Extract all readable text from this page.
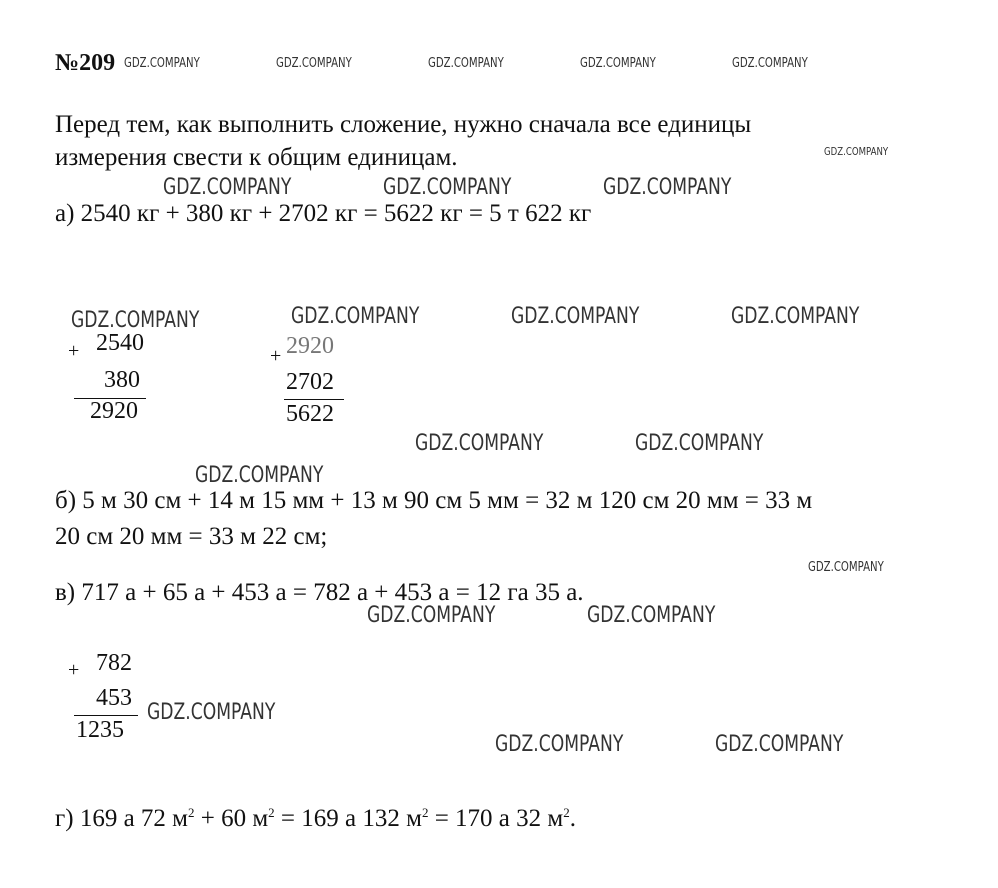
№209
Перед тем, как выполнить сложение, нужно сначала все единицы
измерения свести к общим единицам.
а) 2540 кг + 380 кг + 2702 кг = 5622 кг = 5 т 622 кг
+ 2540
380
2920
+ 2920
2702
5622
б) 5 м 30 см + 14 м 15 мм + 13 м 90 см 5 мм = 32 м 120 см 20 мм = 33 м
20 см 20 мм = 33 м 22 см;
в) 717 а + 65 а + 453 а = 782 а + 453 а = 12 га 35 а.
+ 782
453
1235
г) 169 а 72 $м^2 + 60$ $м^2 = 169$ а 132 $м^2 = 170$ а 32 $м^2$.
GDZ.COMPANY	GDZ.COMPANY	GDZ.COMPANY	GDZ.COMPANY	GDZ.COMPANY
GDZ.COMPANY
GDZ.COMPANY	GDZ.COMPANY	GDZ.COMPANY
GDZ.COMPANY	GDZ.COMPANY	GDZ.COMPANY	GDZ.COMPANY
GDZ.COMPANY	GDZ.COMPANY
GDZ.COMPANY
GDZ.COMPANY
GDZ.COMPANY	GDZ.COMPANY
GDZ.COMPANY
GDZ.COMPANY	GDZ.COMPANY
